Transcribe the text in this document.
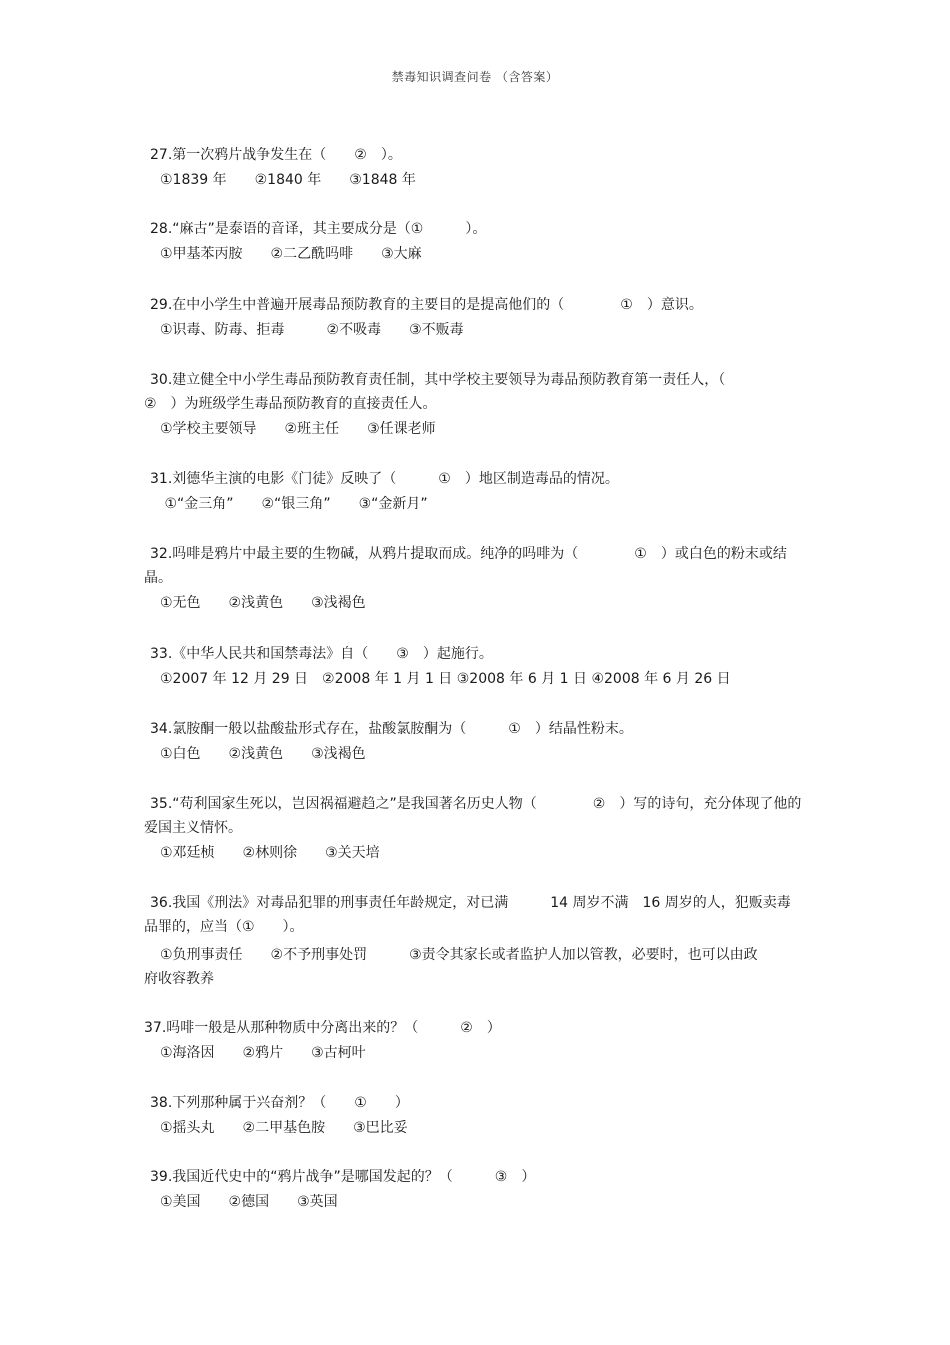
禁毒知识调查问卷 （含答案）

27.第一次鸦片战争发生在（　　②　）。

①1839 年　　②1840 年　　③1848 年

28.“麻古”是泰语的音译，其主要成分是（①　　　）。

①甲基苯丙胺　　②二乙酰吗啡　　③大麻

29.在中小学生中普遍开展毒品预防教育的主要目的是提高他们的（　　　　①　）意识。

①识毒、防毒、拒毒　　　②不吸毒　　③不贩毒

30.建立健全中小学生毒品预防教育责任制，其中学校主要领导为毒品预防教育第一责任人，（　②　）为班级学生毒品预防教育的直接责任人。

①学校主要领导　　②班主任　　③任课老师

31.刘德华主演的电影《门徒》反映了（　　　①　）地区制造毒品的情况。

①“金三角”　　②“银三角”　　③“金新月”

32.吗啡是鸦片中最主要的生物碱，从鸦片提取而成。纯净的吗啡为（　　　　①　）或白色的粉末或结晶。

①无色　　②浅黄色　　③浅褐色

33.《中华人民共和国禁毒法》自（　　③　）起施行。

①2007 年 12 月 29 日　②2008 年 1 月 1 日 ③2008 年 6 月 1 日 ④2008 年 6 月 26 日

34.氯胺酮一般以盐酸盐形式存在，盐酸氯胺酮为（　　　①　）结晶性粉末。

①白色　　②浅黄色　　③浅褐色

35.“苟利国家生死以，岂因祸福避趋之”是我国著名历史人物（　　　　②　）写的诗句，充分体现了他的爱国主义情怀。

①邓廷桢　　②林则徐　　③关天培

36.我国《刑法》对毒品犯罪的刑事责任年龄规定，对已满　　　14 周岁不满　16 周岁的人，犯贩卖毒品罪的，应当（①　　）。

①负刑事责任　　②不予刑事处罚　　　③责令其家长或者监护人加以管教，必要时，也可以由政府收容教养

37.吗啡一般是从那种物质中分离出来的？（　　　②　）

①海洛因　　②鸦片　　③古柯叶

38.下列那种属于兴奋剂？（　　①　　）

①摇头丸　　②二甲基色胺　　③巴比妥

39.我国近代史中的“鸦片战争”是哪国发起的？（　　　③　）

①美国　　②德国　　③英国
